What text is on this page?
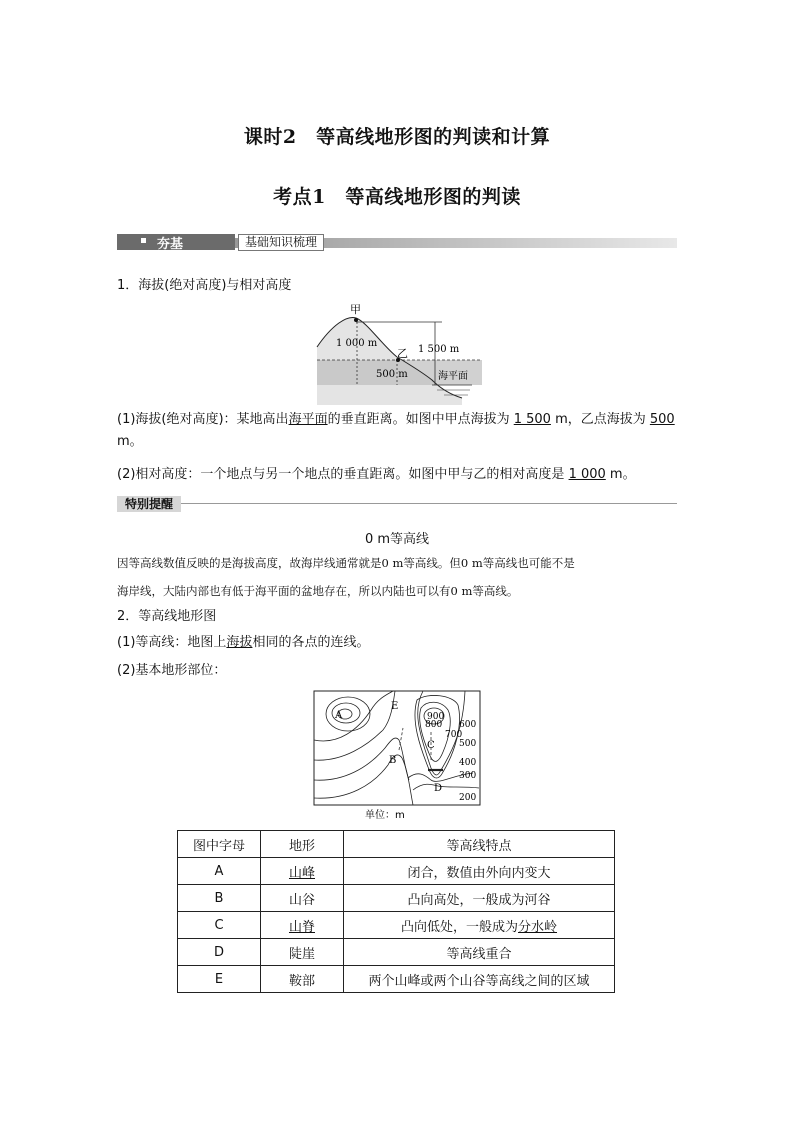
课时2　等高线地形图的判读和计算
考点1　等高线地形图的判读
夯基	基础知识梳理
1．海拔(绝对高度)与相对高度
甲
乙
1 000 m
1 500 m
500 m	海平面
(1)海拔(绝对高度)：某地高出海平面的垂直距离。如图中甲点海拔为 1 500 m，乙点海拔为 500
m。
(2)相对高度：一个地点与另一个地点的垂直距离。如图中甲与乙的相对高度是 1 000 m。
特别提醒
0 m等高线
因等高线数值反映的是海拔高度，故海岸线通常就是0 m等高线。但0 m等高线也可能不是
海岸线，大陆内部也有低于海平面的盆地存在，所以内陆也可以有0 m等高线。
2．等高线地形图
(1)等高线：地图上海拔相同的各点的连线。
(2)基本地形部位：
A
B
C
D
E
900
800
700
600
500
400
300
200
单位：m
图中字母	地形	等高线特点
A	山峰	闭合，数值由外向内变大
B	山谷	凸向高处，一般成为河谷
C	山脊	凸向低处，一般成为分水岭
D	陡崖	等高线重合
E	鞍部	两个山峰或两个山谷等高线之间的区域
